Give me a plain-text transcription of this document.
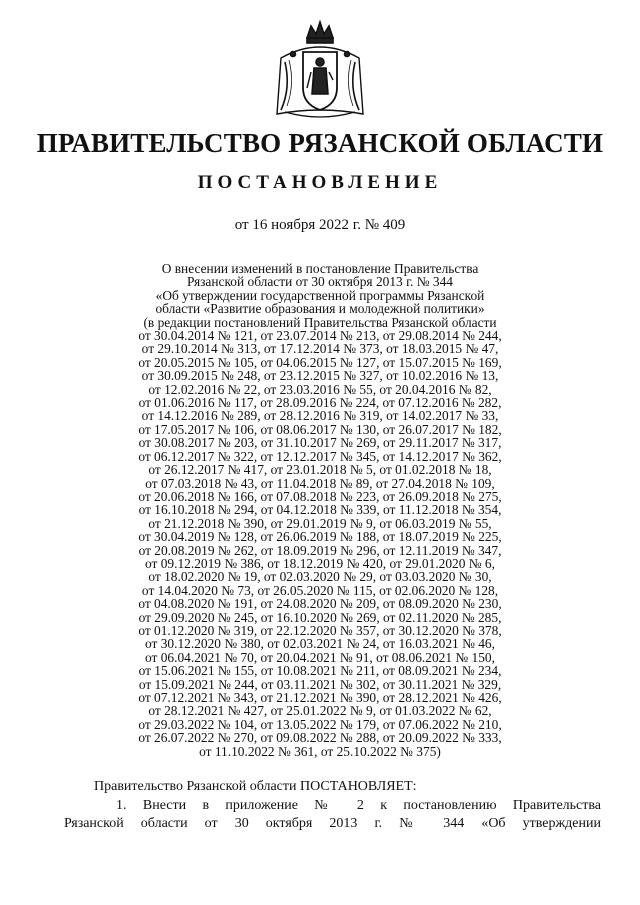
ПРАВИТЕЛЬСТВО РЯЗАНСКОЙ ОБЛАСТИ
ПОСТАНОВЛЕНИЕ
от 16 ноября 2022 г. № 409
О внесении изменений в постановление Правительства
Рязанской области от 30 октября 2013 г. № 344
«Об утверждении государственной программы Рязанской
области «Развитие образования и молодежной политики»
(в редакции постановлений Правительства Рязанской области
от 30.04.2014 № 121, от 23.07.2014 № 213, от 29.08.2014 № 244,
от 29.10.2014 № 313, от 17.12.2014 № 373, от 18.03.2015 № 47,
от 20.05.2015 № 105, от 04.06.2015 № 127, от 15.07.2015 № 169,
от 30.09.2015 № 248, от 23.12.2015 № 327, от 10.02.2016 № 13,
от 12.02.2016 № 22, от 23.03.2016 № 55, от 20.04.2016 № 82,
от 01.06.2016 № 117, от 28.09.2016 № 224, от 07.12.2016 № 282,
от 14.12.2016 № 289, от 28.12.2016 № 319, от 14.02.2017 № 33,
от 17.05.2017 № 106, от 08.06.2017 № 130, от 26.07.2017 № 182,
от 30.08.2017 № 203, от 31.10.2017 № 269, от 29.11.2017 № 317,
от 06.12.2017 № 322, от 12.12.2017 № 345, от 14.12.2017 № 362,
от 26.12.2017 № 417, от 23.01.2018 № 5, от 01.02.2018 № 18,
от 07.03.2018 № 43, от 11.04.2018 № 89, от 27.04.2018 № 109,
от 20.06.2018 № 166, от 07.08.2018 № 223, от 26.09.2018 № 275,
от 16.10.2018 № 294, от 04.12.2018 № 339, от 11.12.2018 № 354,
от 21.12.2018 № 390, от 29.01.2019 № 9, от 06.03.2019 № 55,
от 30.04.2019 № 128, от 26.06.2019 № 188, от 18.07.2019 № 225,
от 20.08.2019 № 262, от 18.09.2019 № 296, от 12.11.2019 № 347,
от 09.12.2019 № 386, от 18.12.2019 № 420, от 29.01.2020 № 6,
от 18.02.2020 № 19, от 02.03.2020 № 29, от 03.03.2020 № 30,
от 14.04.2020 № 73, от 26.05.2020 № 115, от 02.06.2020 № 128,
от 04.08.2020 № 191, от 24.08.2020 № 209, от 08.09.2020 № 230,
от 29.09.2020 № 245, от 16.10.2020 № 269, от 02.11.2020 № 285,
от 01.12.2020 № 319, от 22.12.2020 № 357, от 30.12.2020 № 378,
от 30.12.2020 № 380, от 02.03.2021 № 24, от 16.03.2021 № 46,
от 06.04.2021 № 70, от 20.04.2021 № 91, от 08.06.2021 № 150,
от 15.06.2021 № 155, от 10.08.2021 № 211, от 08.09.2021 № 234,
от 15.09.2021 № 244, от 03.11.2021 № 302, от 30.11.2021 № 329,
от 07.12.2021 № 343, от 21.12.2021 № 390, от 28.12.2021 № 426,
от 28.12.2021 № 427, от 25.01.2022 № 9, от 01.03.2022 № 62,
от 29.03.2022 № 104, от 13.05.2022 № 179, от 07.06.2022 № 210,
от 26.07.2022 № 270, от 09.08.2022 № 288, от 20.09.2022 № 333,
от 11.10.2022 № 361, от 25.10.2022 № 375)
Правительство Рязанской области ПОСТАНОВЛЯЕТ:
1. Внести в приложение № 2 к постановлению Правительства
Рязанской области от 30 октября 2013 г. № 344 «Об утверждении
